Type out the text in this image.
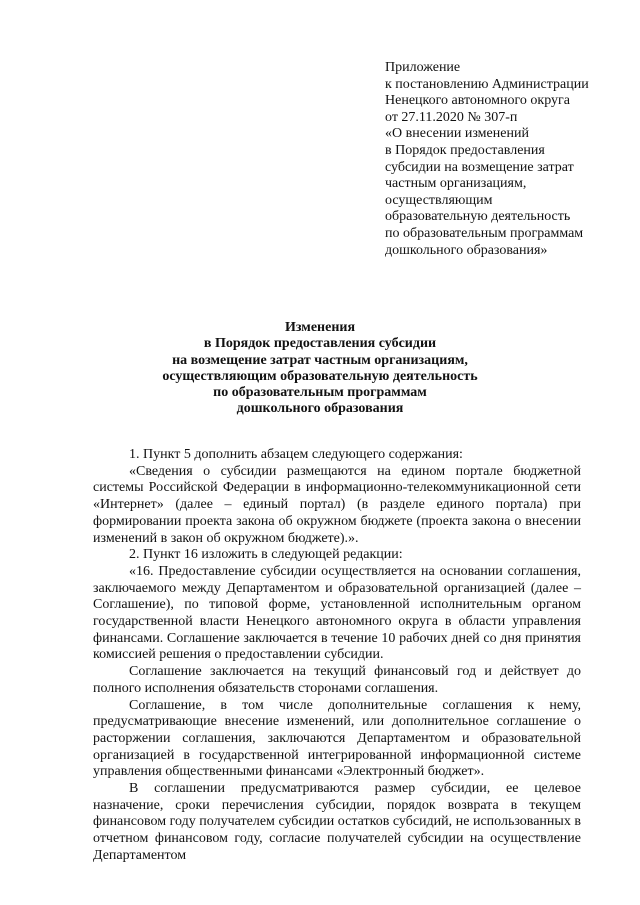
Приложение
к постановлению Администрации
Ненецкого автономного округа
от 27.11.2020 № 307-п
«О внесении изменений
в Порядок предоставления
субсидии на возмещение затрат
частным организациям,
осуществляющим
образовательную деятельность
по образовательным программам
дошкольного образования»
Изменения
в Порядок предоставления субсидии
на возмещение затрат частным организациям,
осуществляющим образовательную деятельность
по образовательным программам
дошкольного образования

1. Пункт 5 дополнить абзацем следующего содержания:

«Сведения о субсидии размещаются на едином портале бюджетной системы Российской Федерации в информационно-телекоммуникационной сети «Интернет» (далее – единый портал) (в разделе единого портала) при формировании проекта закона об окружном бюджете (проекта закона о внесении изменений в закон об окружном бюджете).».

2. Пункт 16 изложить в следующей редакции:

«16. Предоставление субсидии осуществляется на основании соглашения, заключаемого между Департаментом и образовательной организацией (далее – Соглашение), по типовой форме, установленной исполнительным органом государственной власти Ненецкого автономного округа в области управления финансами. Соглашение заключается в течение 10 рабочих дней со дня принятия комиссией решения о предоставлении субсидии.

Соглашение заключается на текущий финансовый год и действует до полного исполнения обязательств сторонами соглашения.

Соглашение, в том числе дополнительные соглашения к нему, предусматривающие внесение изменений, или дополнительное соглашение о расторжении соглашения, заключаются Департаментом и образовательной организацией в государственной интегрированной информационной системе управления общественными финансами «Электронный бюджет».

В соглашении предусматриваются размер субсидии, ее целевое назначение, сроки перечисления субсидии, порядок возврата в текущем финансовом году получателем субсидии остатков субсидий, не использованных в отчетном финансовом году, согласие получателей субсидии на осуществление Департаментом
